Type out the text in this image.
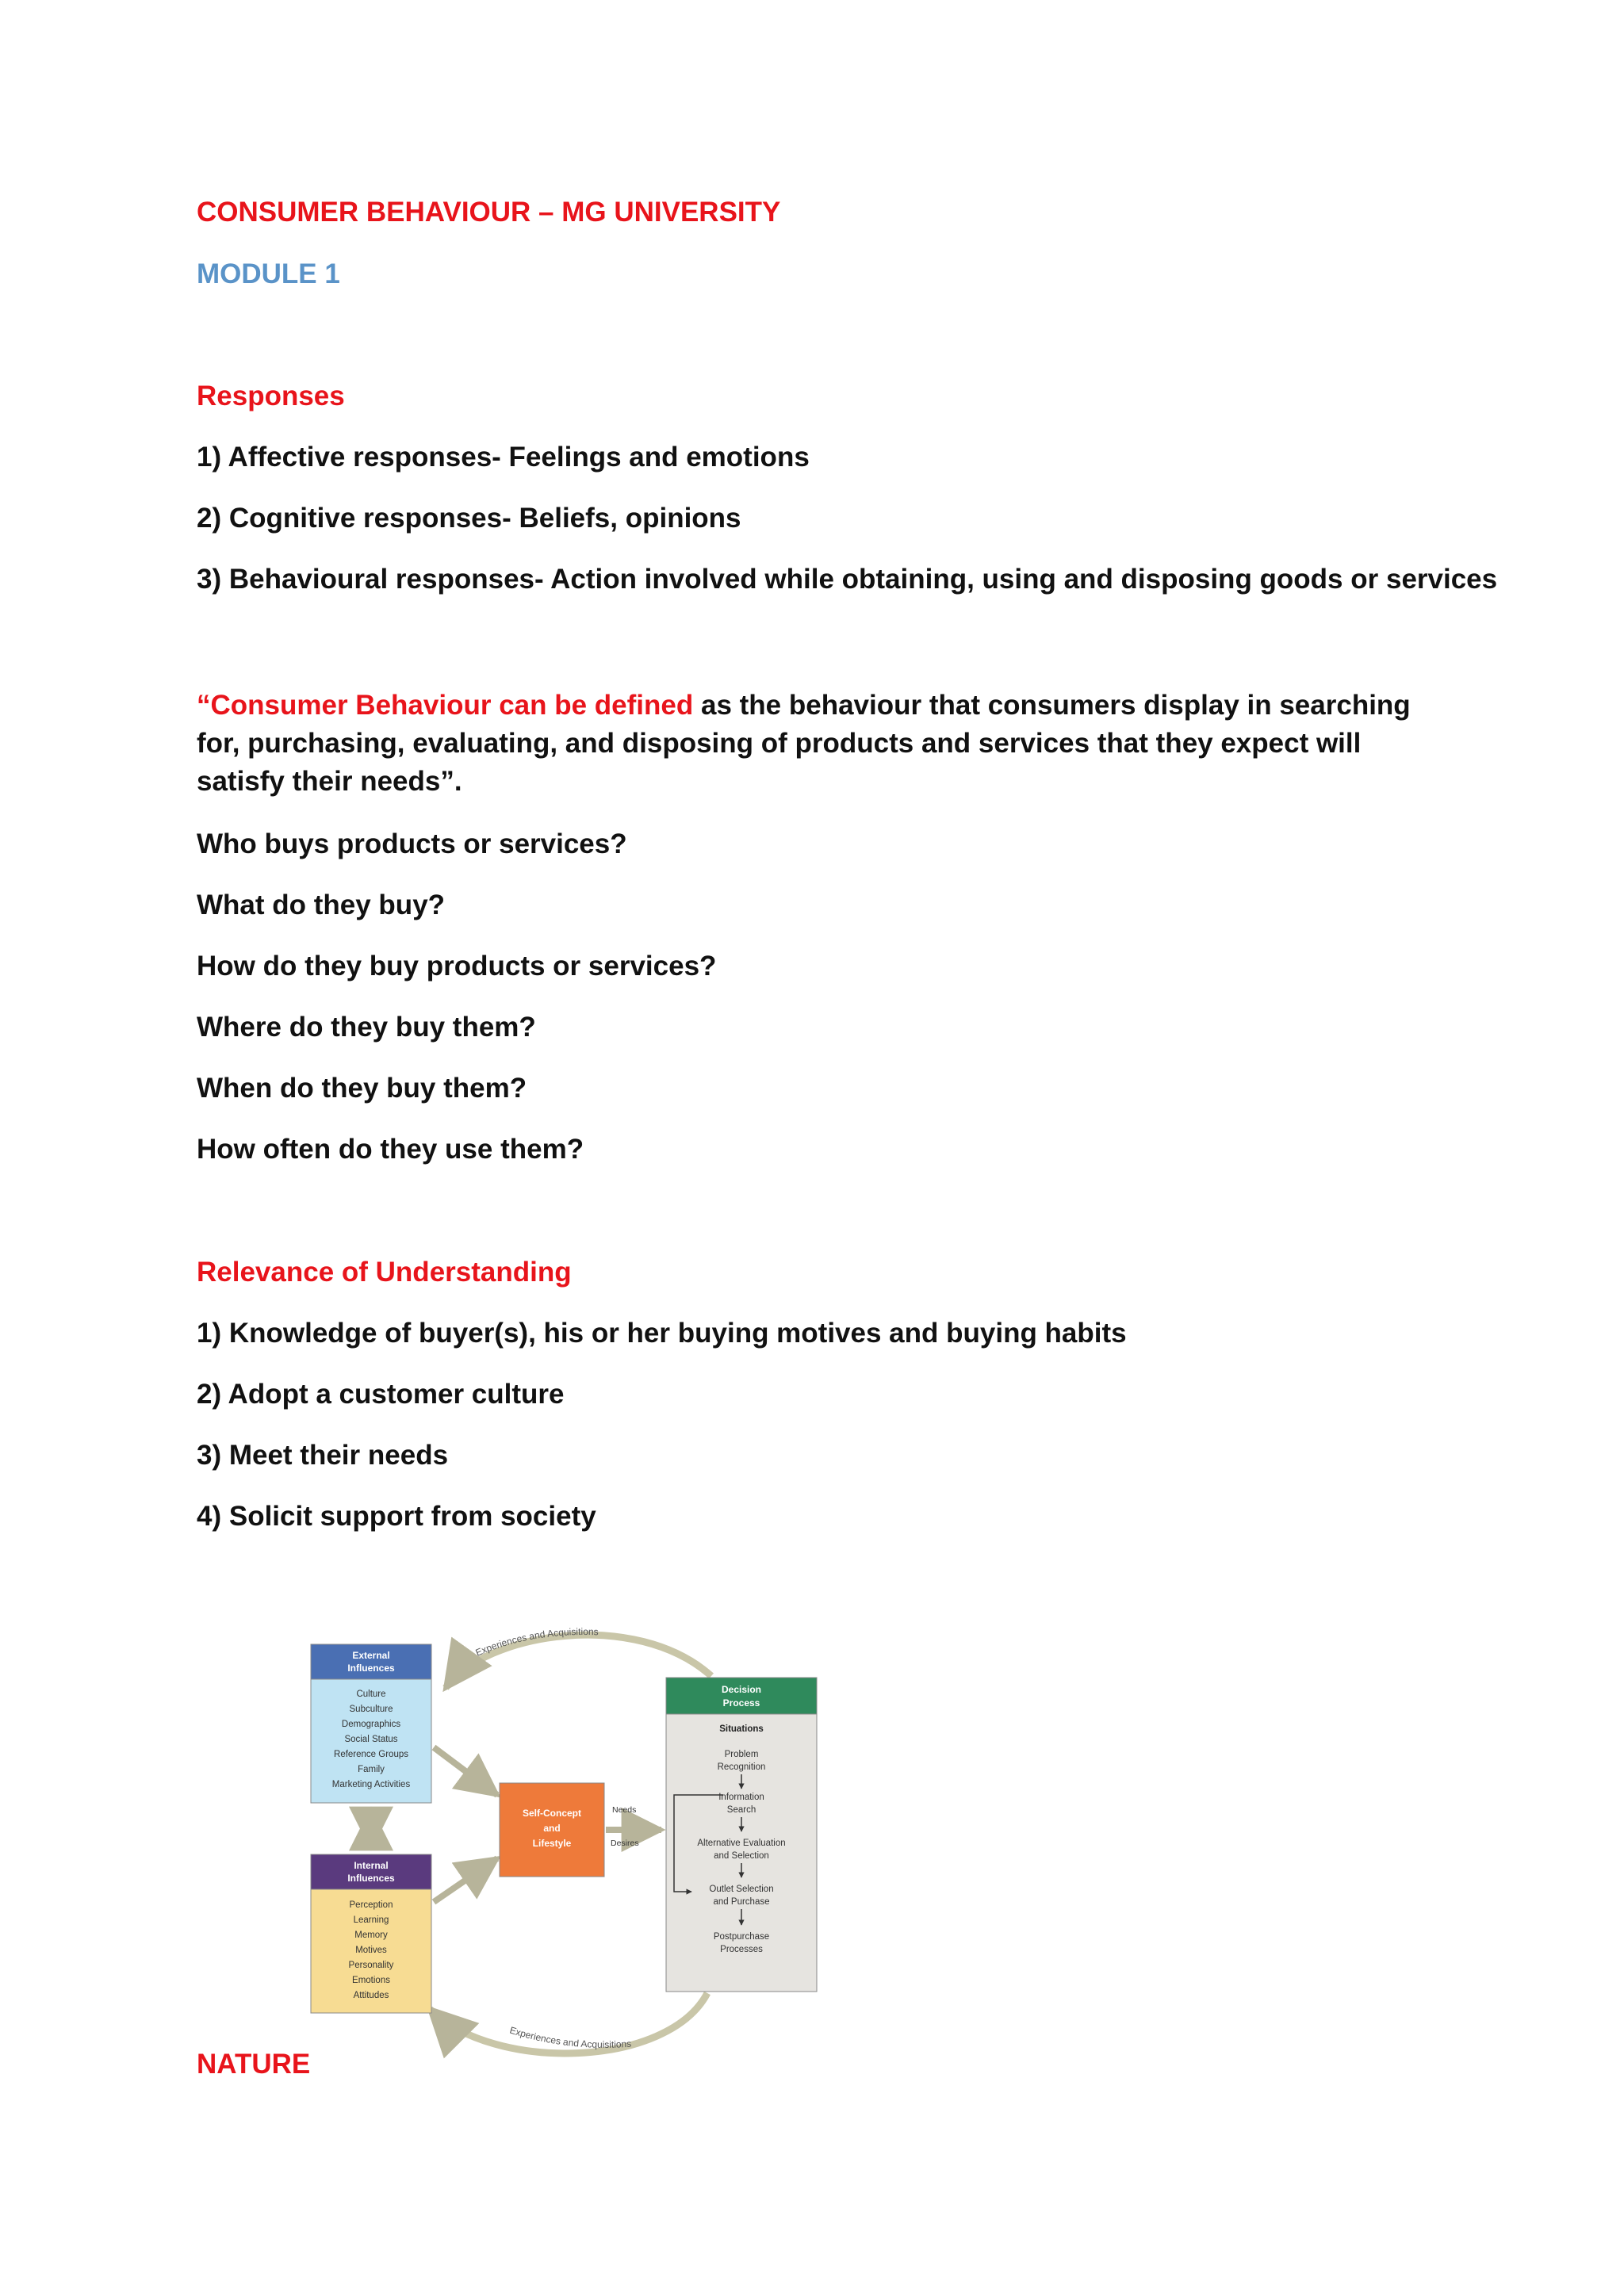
CONSUMER BEHAVIOUR – MG UNIVERSITY

MODULE 1

Responses

1) Affective responses- Feelings and emotions

2) Cognitive responses- Beliefs, opinions

3) Behavioural responses- Action involved while obtaining, using and disposing goods or services

“Consumer Behaviour can be defined as the behaviour that consumers display in searching for, purchasing, evaluating, and disposing of products and services that they expect will satisfy their needs”.

Who buys products or services?

What do they buy?

How do they buy products or services?

Where do they buy them?

When do they buy them?

How often do they use them?

Relevance of Understanding

1) Knowledge of buyer(s), his or her buying motives and buying habits

2) Adopt a customer culture

3) Meet their needs

4) Solicit support from society

Experiences and Acquisitions
Experiences and Acquisitions
External
Influences
Culture
Subculture
Demographics
Social Status
Reference Groups
Family
Marketing Activities
Internal
Influences
Perception
Learning
Memory
Motives
Personality
Emotions
Attitudes
Self-Concept
and
Lifestyle
Needs
Desires
Decision
Process
Situations
Problem
Recognition
Information
Search
Alternative Evaluation
and Selection
Outlet Selection
and Purchase
Postpurchase
Processes

NATURE
